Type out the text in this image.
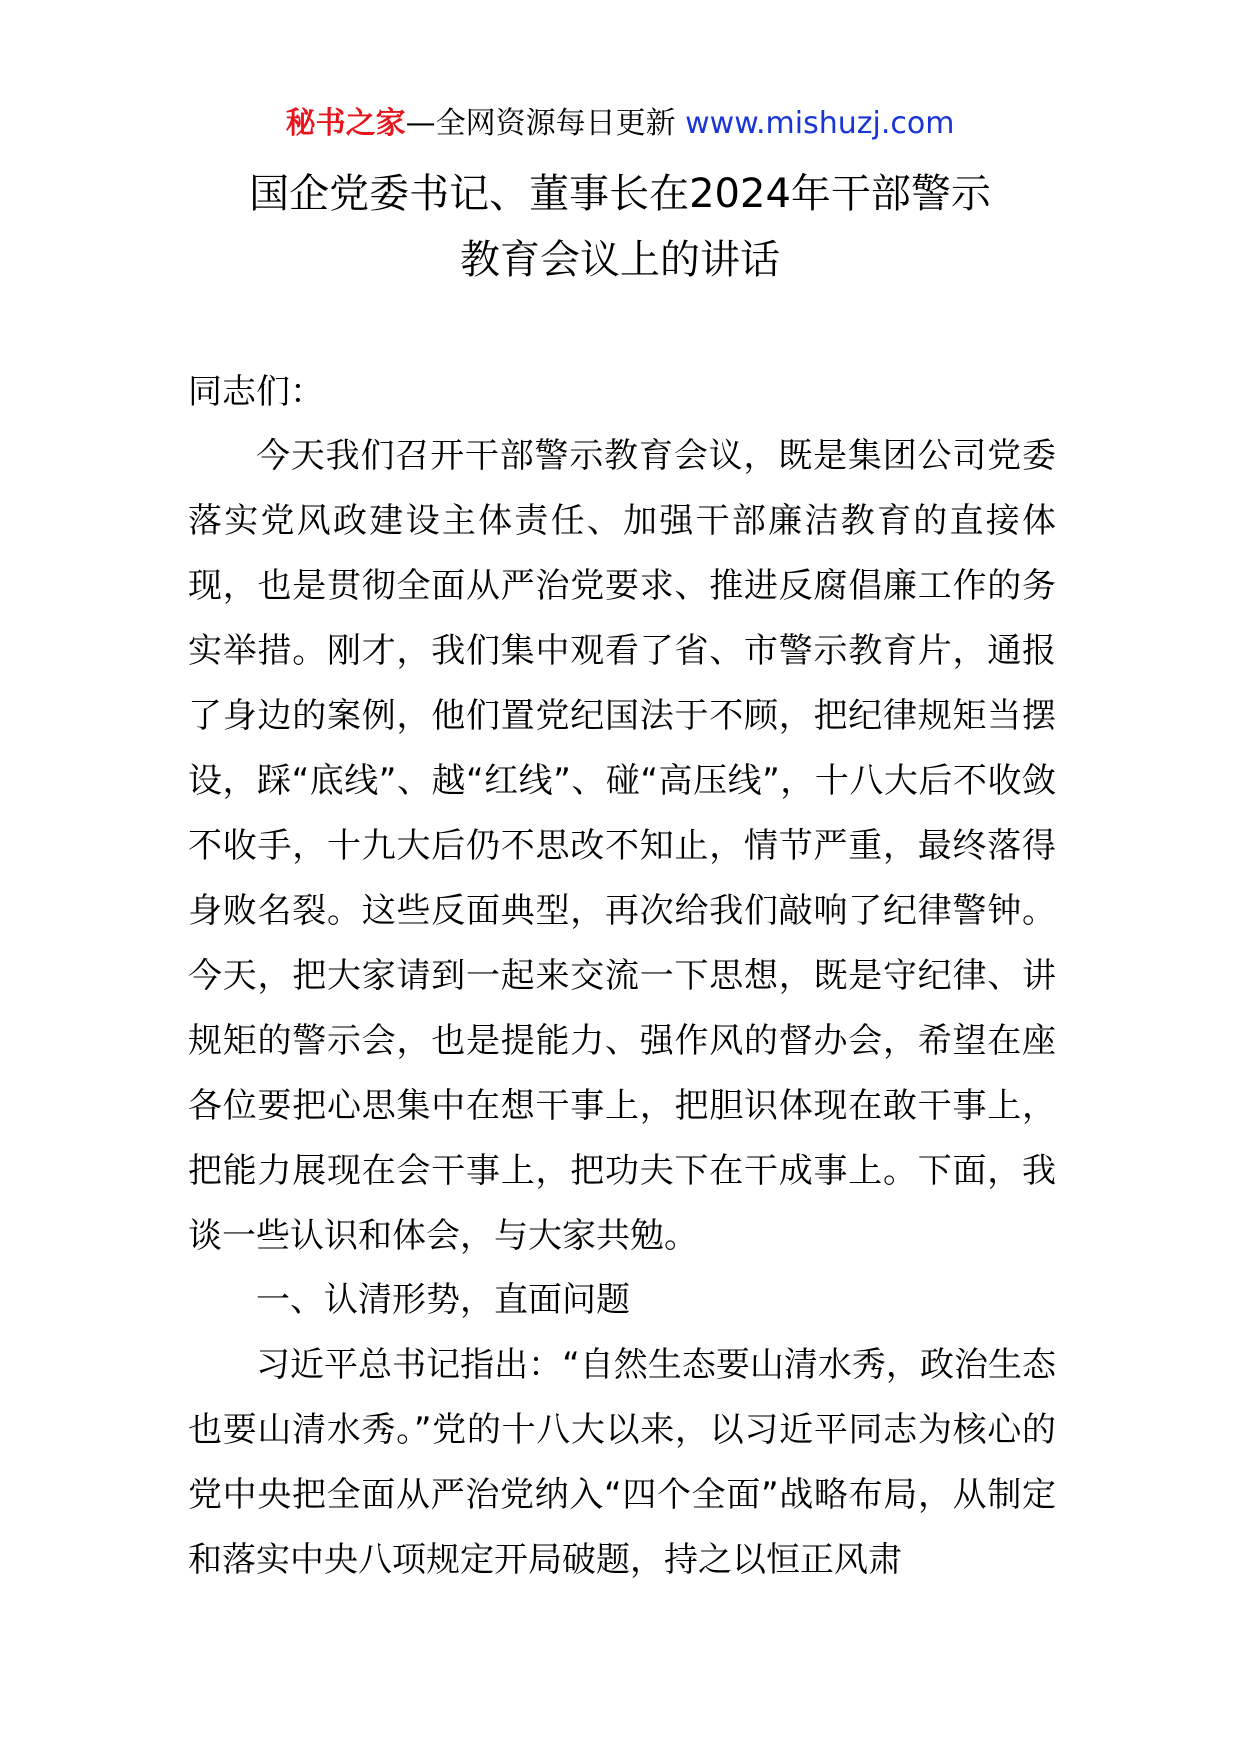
秘书之家—全网资源每日更新 www.mishuzj.com
国企党委书记、董事长在2024年干部警示
教育会议上的讲话
同志们：

今天我们召开干部警示教育会议，既是集团公司党委落实党风政建设主体责任、加强干部廉洁教育的直接体现，也是贯彻全面从严治党要求、推进反腐倡廉工作的务实举措。刚才，我们集中观看了省、市警示教育片，通报了身边的案例，他们置党纪国法于不顾，把纪律规矩当摆设，踩“底线”、越“红线”、碰“高压线”，十八大后不收敛不收手，十九大后仍不思改不知止，情节严重，最终落得身败名裂。这些反面典型，再次给我们敲响了纪律警钟。今天，把大家请到一起来交流一下思想，既是守纪律、讲规矩的警示会，也是提能力、强作风的督办会，希望在座各位要把心思集中在想干事上，把胆识体现在敢干事上，把能力展现在会干事上，把功夫下在干成事上。下面，我谈一些认识和体会，与大家共勉。

一、认清形势，直面问题

习近平总书记指出：“自然生态要山清水秀，政治生态也要山清水秀。”党的十八大以来，以习近平同志为核心的党中央把全面从严治党纳入“四个全面”战略布局，从制定和落实中央八项规定开局破题，持之以恒正风肃
